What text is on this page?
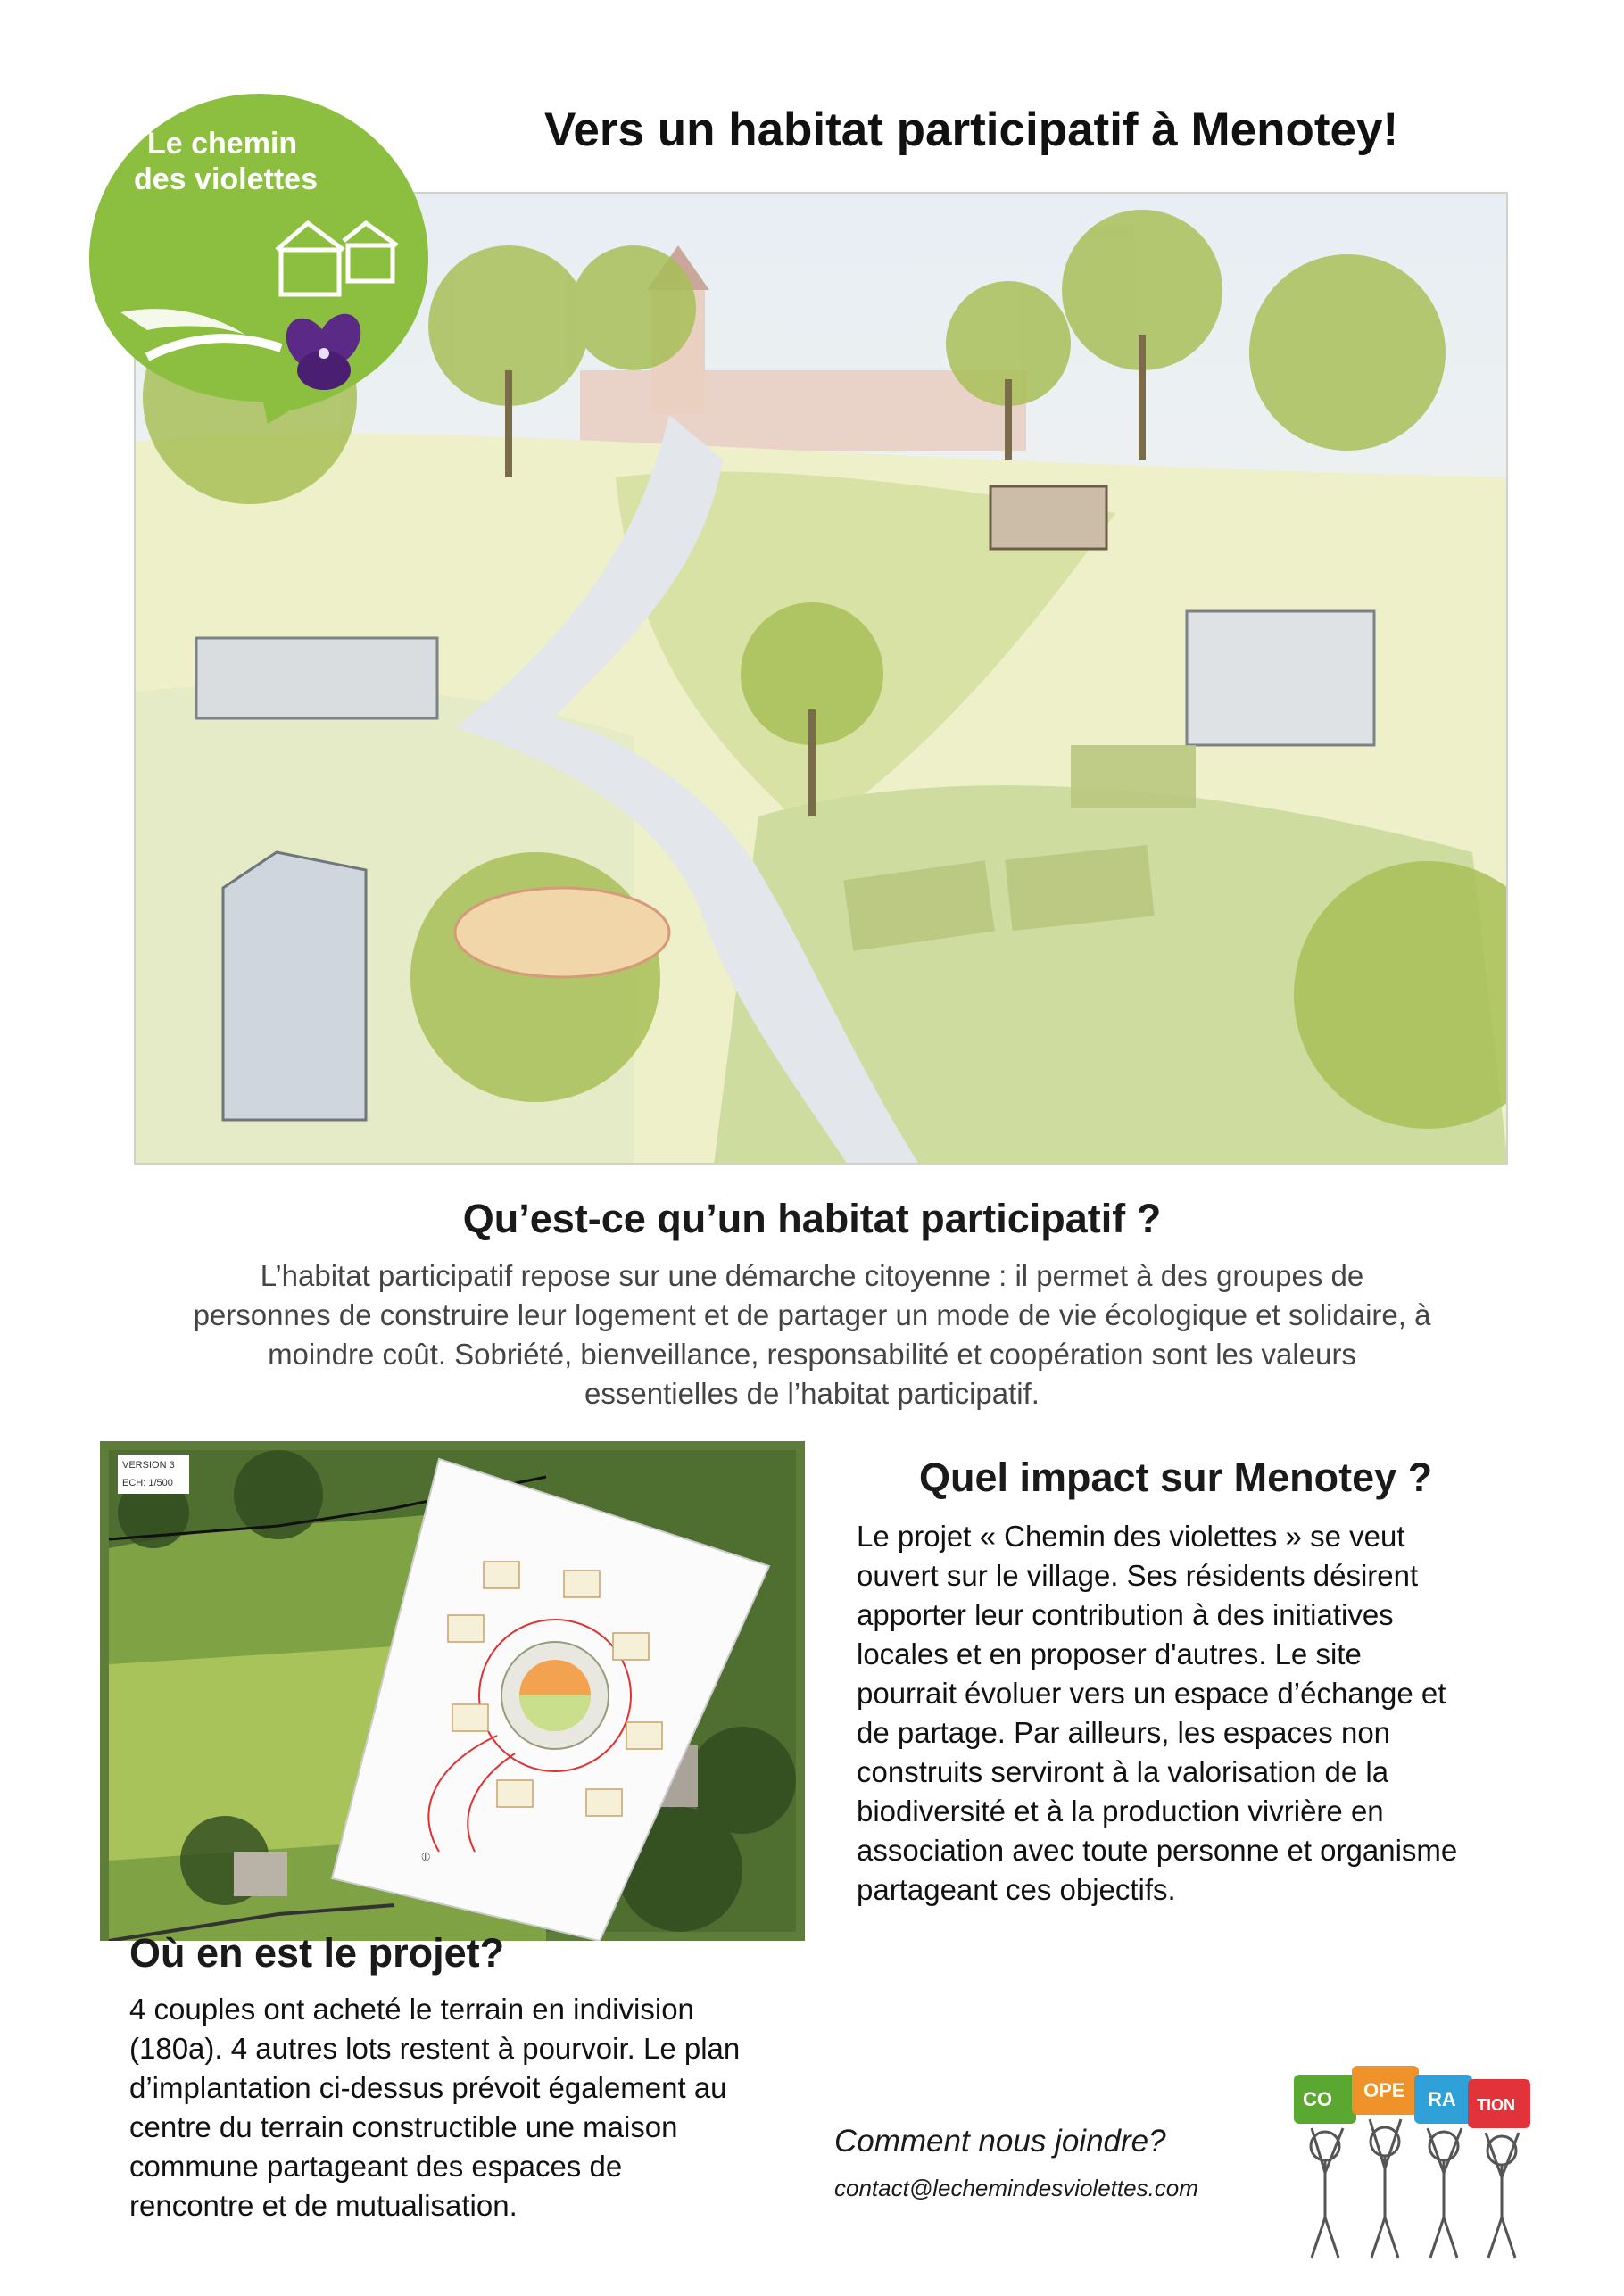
Vers un habitat participatif à Menotey!
Le chemin
des violettes
Qu’est-ce qu’un habitat participatif ?
L’habitat participatif repose sur une démarche citoyenne : il permet à des groupes de
personnes de construire leur logement et de partager un mode de vie écologique et solidaire, à
moindre coût. Sobriété, bienveillance, responsabilité et coopération sont les valeurs
essentielles de l’habitat participatif.
VERSION 3
ECH: 1/500
⦶
Quel impact sur Menotey ?
Le projet « Chemin des violettes » se veut
ouvert sur le village. Ses résidents désirent
apporter leur contribution à des initiatives
locales et en proposer d'autres. Le site
pourrait évoluer vers un espace d’échange et
de partage. Par ailleurs, les espaces non
construits serviront à la valorisation de la
biodiversité et à la production vivrière en
association avec toute personne et organisme
partageant ces objectifs.
Où en est le projet?
4 couples ont acheté le terrain en indivision
(180a). 4 autres lots restent à pourvoir. Le plan
d’implantation ci-dessus prévoit également au
centre du terrain constructible une maison
commune partageant des espaces de
rencontre et de mutualisation.
Comment nous joindre?
contact@lechemindesviolettes.com
CO OPE RA TION
